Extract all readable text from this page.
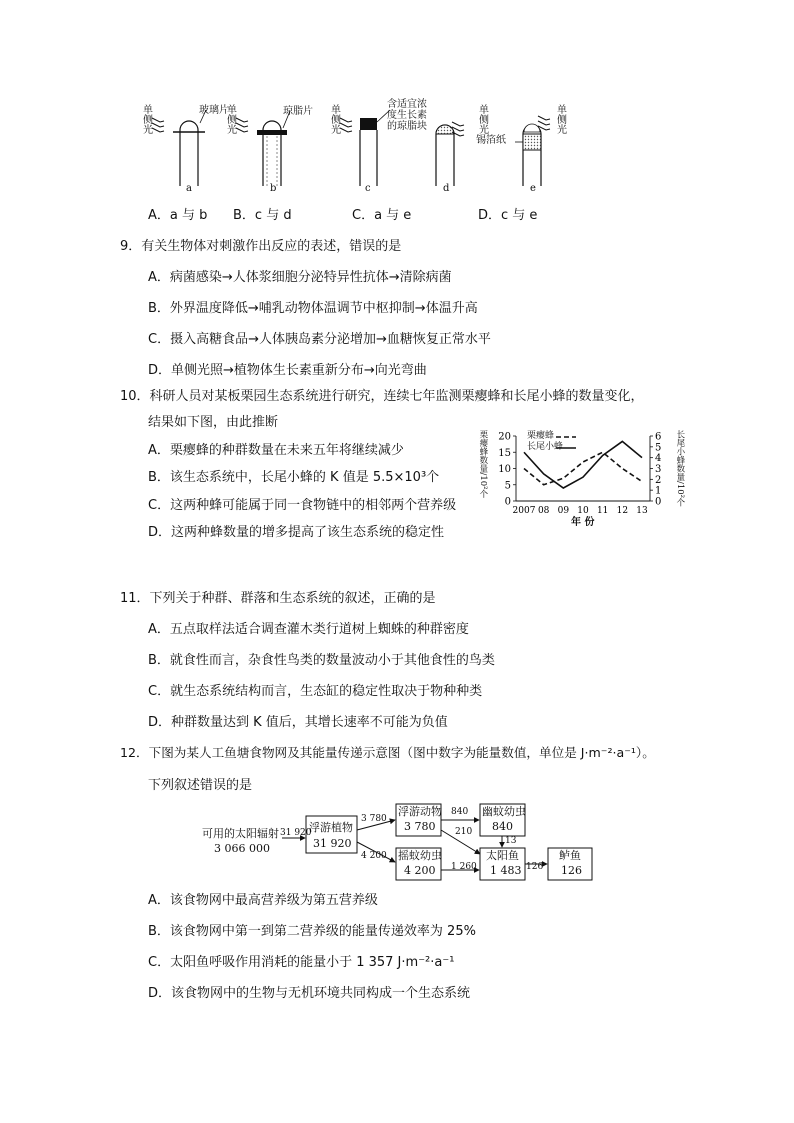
单侧光	玻璃片
单侧光	琼脂片 单侧光	含适宜浓
度生长素
的琼脂块	单侧光
锡箔纸
单侧光
a	b	c	d	e
A．a 与 b B．c 与 d	C．a 与 e	D．c 与 e
9．有关生物体对刺激作出反应的表述，错误的是
A．病菌感染→人体浆细胞分泌特异性抗体→清除病菌
B．外界温度降低→哺乳动物体温调节中枢抑制→体温升高
C．摄入高糖食品→人体胰岛素分泌增加→血糖恢复正常水平
D．单侧光照→植物体生长素重新分布→向光弯曲
10．科研人员对某板栗园生态系统进行研究，连续七年监测栗瘿蜂和长尾小蜂的数量变化，
结果如下图，由此推断
A．栗瘿蜂的种群数量在未来五年将继续减少
B．该生态系统中，长尾小蜂的 K 值是 5.5×10³个
C．这两种蜂可能属于同一食物链中的相邻两个营养级
D．这两种蜂数量的增多提高了该生态系统的稳定性
0
5
10
15
20
0
1
2
3
4
5
6
2007 08 09 10 11 12 13
栗瘿蜂
长尾小蜂
栗瘿蜂数量/10²个	长尾小蜂数量/10²个
年 份
11．下列关于种群、群落和生态系统的叙述，正确的是
A．五点取样法适合调查灌木类行道树上蜘蛛的种群密度
B．就食性而言，杂食性鸟类的数量波动小于其他食性的鸟类
C．就生态系统结构而言，生态缸的稳定性取决于物种种类
D．种群数量达到 K 值后，其增长速率不可能为负值
12．下图为某人工鱼塘食物网及其能量传递示意图（图中数字为能量数值，单位是 J·m⁻²·a⁻¹）。
下列叙述错误的是
可用的太阳辐射
3 066 000
31 920
浮游植物
31 920
3 780
4 200
浮游动物
3 780
840
210
幽蚊幼虫
840
13
摇蚊幼虫
4 200 1 260
太阳鱼
1 483 126
鲈鱼
126
A．该食物网中最高营养级为第五营养级
B．该食物网中第一到第二营养级的能量传递效率为 25%
C．太阳鱼呼吸作用消耗的能量小于 1 357 J·m⁻²·a⁻¹
D．该食物网中的生物与无机环境共同构成一个生态系统
